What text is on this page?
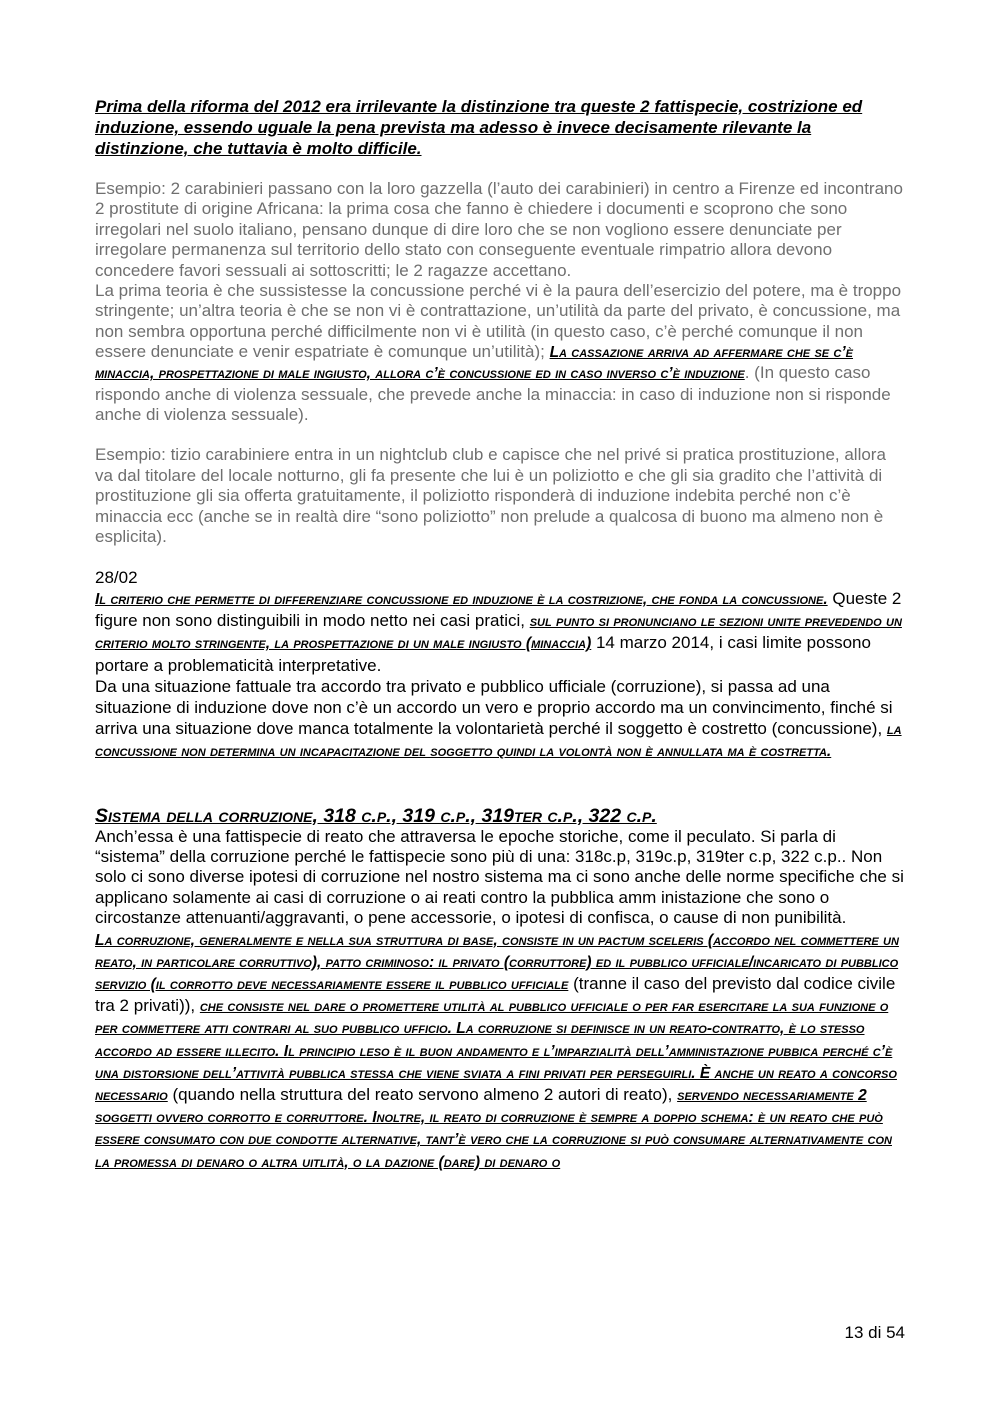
Prima della riforma del 2012 era irrilevante la distinzione tra queste 2 fattispecie, costrizione ed induzione, essendo uguale la pena prevista ma adesso è invece decisamente rilevante la distinzione, che tuttavia è molto difficile.

Esempio: 2 carabinieri passano con la loro gazzella (l’auto dei carabinieri) in centro a Firenze ed incontrano 2 prostitute di origine Africana: la prima cosa che fanno è chiedere i documenti e scoprono che sono irregolari nel suolo italiano, pensano dunque di dire loro che se non vogliono essere denunciate per irregolare permanenza sul territorio dello stato con conseguente eventuale rimpatrio allora devono concedere favori sessuali ai sottoscritti; le 2 ragazze accettano.
La prima teoria è che sussistesse la concussione perché vi è la paura dell’esercizio del potere, ma è troppo stringente; un’altra teoria è che se non vi è contrattazione, un’utilità da parte del privato, è concussione, ma non sembra opportuna perché difficilmente non vi è utilità (in questo caso, c’è perché comunque il non essere denunciate e venir espatriate è comunque un’utilità); La cassazione arriva ad affermare che se c’è minaccia, prospettazione di male ingiusto, allora c’è concussione ed in caso inverso c’è induzione. (In questo caso rispondo anche di violenza sessuale, che prevede anche la minaccia: in caso di induzione non si risponde anche di violenza sessuale).

Esempio: tizio carabiniere entra in un nightclub club e capisce che nel privé si pratica prostituzione, allora va dal titolare del locale notturno, gli fa presente che lui è un poliziotto e che gli sia gradito che l’attività di prostituzione gli sia offerta gratuitamente, il poliziotto risponderà di induzione indebita perché non c’è minaccia ecc (anche se in realtà dire “sono poliziotto” non prelude a qualcosa di buono ma almeno non è esplicita).

28/02

Il criterio che permette di differenziare concussione ed induzione è la costrizione, che fonda la concussione. Queste 2 figure non sono distinguibili in modo netto nei casi pratici, sul punto si pronunciano le sezioni unite prevedendo un criterio molto stringente, la prospettazione di un male ingiusto (minaccia) 14 marzo 2014, i casi limite possono portare a problematicità interpretative.
Da una situazione fattuale tra accordo tra privato e pubblico ufficiale (corruzione), si passa ad una situazione di induzione dove non c’è un accordo un vero e proprio accordo ma un convincimento, finché si arriva una situazione dove manca totalmente la volontarietà perché il soggetto è costretto (concussione), la concussione non determina un incapacitazione del soggetto quindi la volontà non è annullata ma è costretta.

Sistema della corruzione, 318 c.p., 319 c.p., 319ter c.p., 322 c.p.

Anch’essa è una fattispecie di reato che attraversa le epoche storiche, come il peculato. Si parla di “sistema” della corruzione perché le fattispecie sono più di una: 318c.p, 319c.p, 319ter c.p, 322 c.p.. Non solo ci sono diverse ipotesi di corruzione nel nostro sistema ma ci sono anche delle norme specifiche che si applicano solamente ai casi di corruzione o ai reati contro la pubblica amm inistazione che sono o circostanze attenuanti/aggravanti, o pene accessorie, o ipotesi di confisca, o cause di non punibilità.

La corruzione, generalmente e nella sua struttura di base, consiste in un pactum sceleris (accordo nel commettere un reato, in particolare corruttivo), patto criminoso: il privato (corruttore) ed il pubblico ufficiale/incaricato di pubblico servizio (il corrotto deve necessariamente essere il pubblico ufficiale (tranne il caso del previsto dal codice civile tra 2 privati)), che consiste nel dare o promettere utilità al pubblico ufficiale o per far esercitare la sua funzione o per commettere atti contrari al suo pubblico ufficio. La corruzione si definisce in un reato-contratto, è lo stesso accordo ad essere illecito. Il principio leso è il buon andamento e l’imparzialità dell’amministazione pubbica perché c’è una distorsione dell’attività pubblica stessa che viene sviata a fini privati per perseguirli. È anche un reato a concorso necessario (quando nella struttura del reato servono almeno 2 autori di reato), servendo necessariamente 2 soggetti ovvero corrotto e corruttore. Inoltre, il reato di corruzione è sempre a doppio schema: è un reato che può essere consumato con due condotte alternative, tant’è vero che la corruzione si può consumare alternativamente con la promessa di denaro o altra uitlità, o la dazione (dare) di denaro o

13 di 54
